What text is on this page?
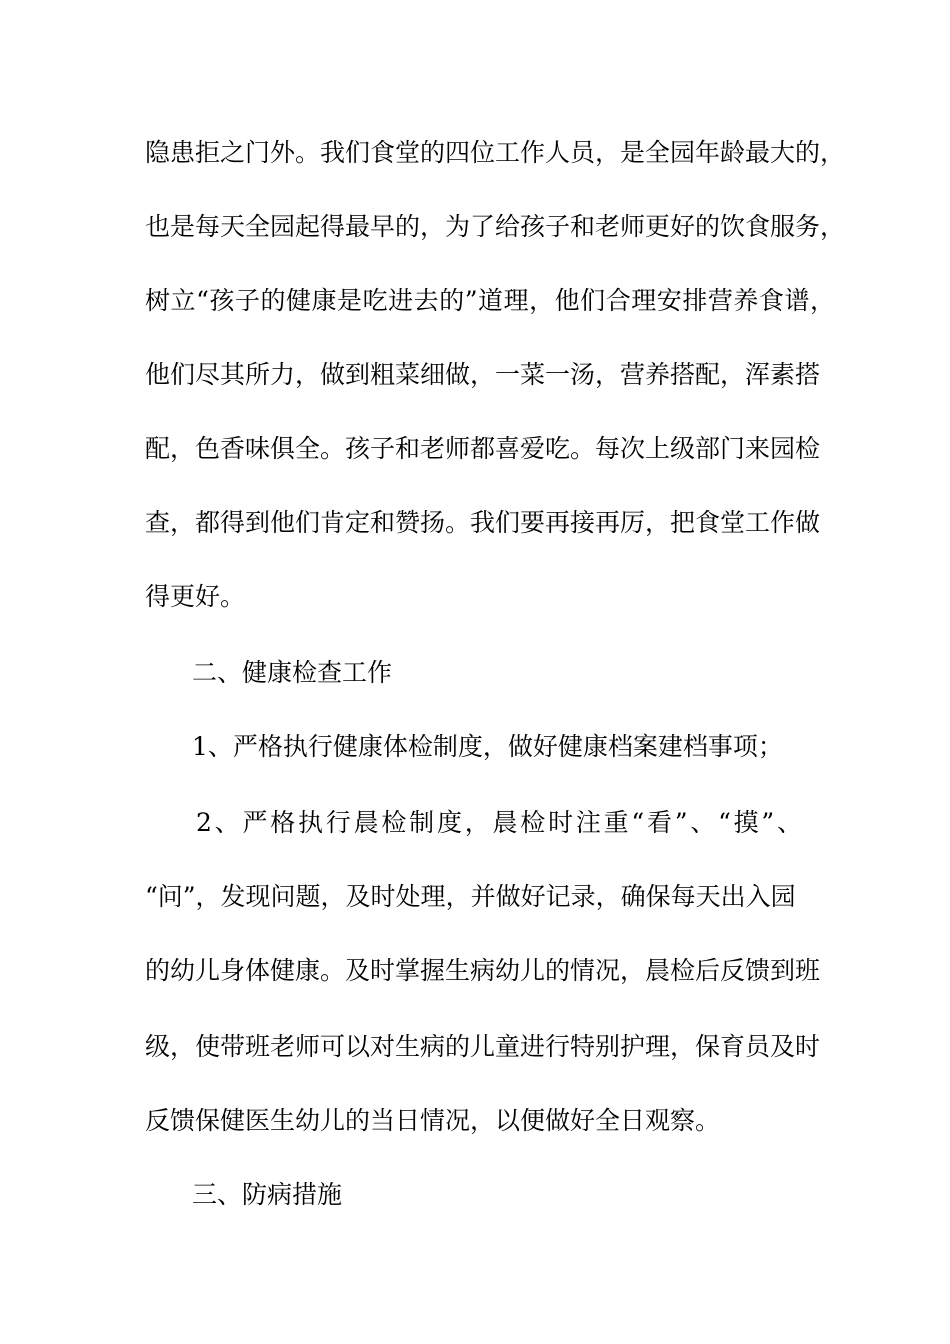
隐患拒之门外。我们食堂的四位工作人员，是全园年龄最大的，
也是每天全园起得最早的，为了给孩子和老师更好的饮食服务，
树立“孩子的健康是吃进去的”道理，他们合理安排营养食谱，
他们尽其所力，做到粗菜细做，一菜一汤，营养搭配，浑素搭
配，色香味俱全。孩子和老师都喜爱吃。每次上级部门来园检
查，都得到他们肯定和赞扬。我们要再接再厉，把食堂工作做
得更好。
二、健康检查工作
1、严格执行健康体检制度，做好健康档案建档事项；
2、严格执行晨检制度，晨检时注重“看”、“摸”、
“问”，发现问题，及时处理，并做好记录，确保每天出入园
的幼儿身体健康。及时掌握生病幼儿的情况，晨检后反馈到班
级，使带班老师可以对生病的儿童进行特别护理，保育员及时
反馈保健医生幼儿的当日情况，以便做好全日观察。
三、防病措施
